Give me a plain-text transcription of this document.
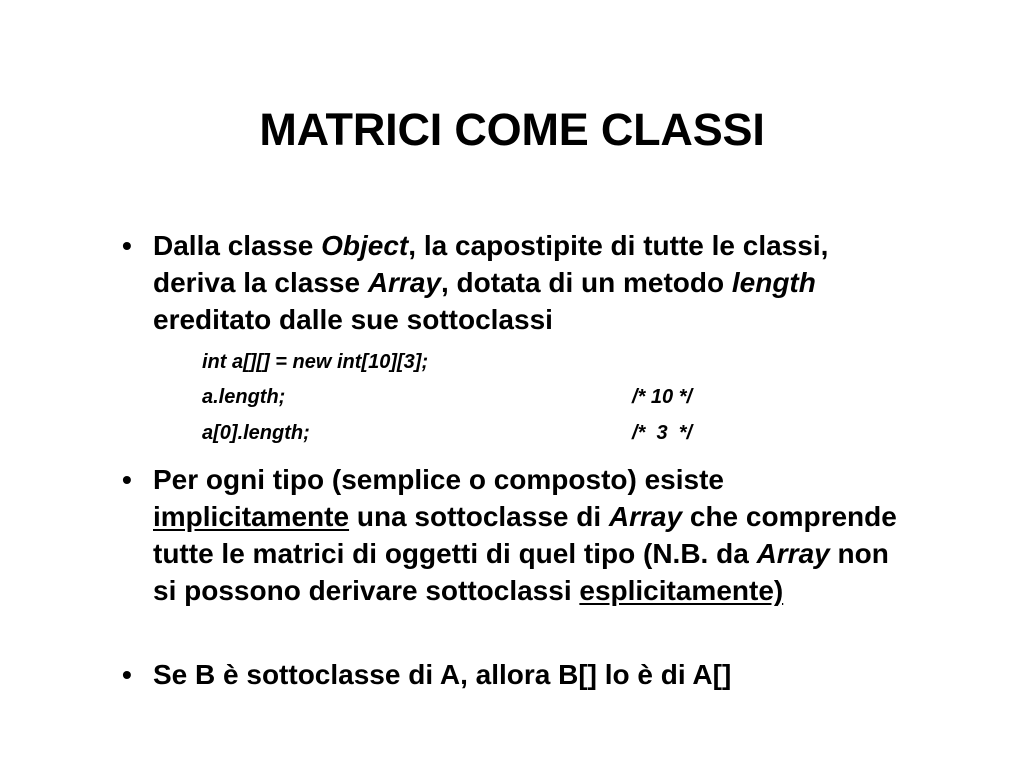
MATRICI COME CLASSI
• Dalla classe Object, la capostipite di tutte le classi, deriva la classe Array, dotata di un metodo length ereditato dalle sue sottoclassi
int a[][] = new int[10][3];
a.length;	/* 10 */
a[0].length;	/*  3  */
• Per ogni tipo (semplice o composto) esiste implicitamente una sottoclasse di Array che comprende tutte le matrici di oggetti di quel tipo (N.B. da Array non si possono derivare sottoclassi esplicitamente)
• Se B è sottoclasse di A, allora B[] lo è di A[]
